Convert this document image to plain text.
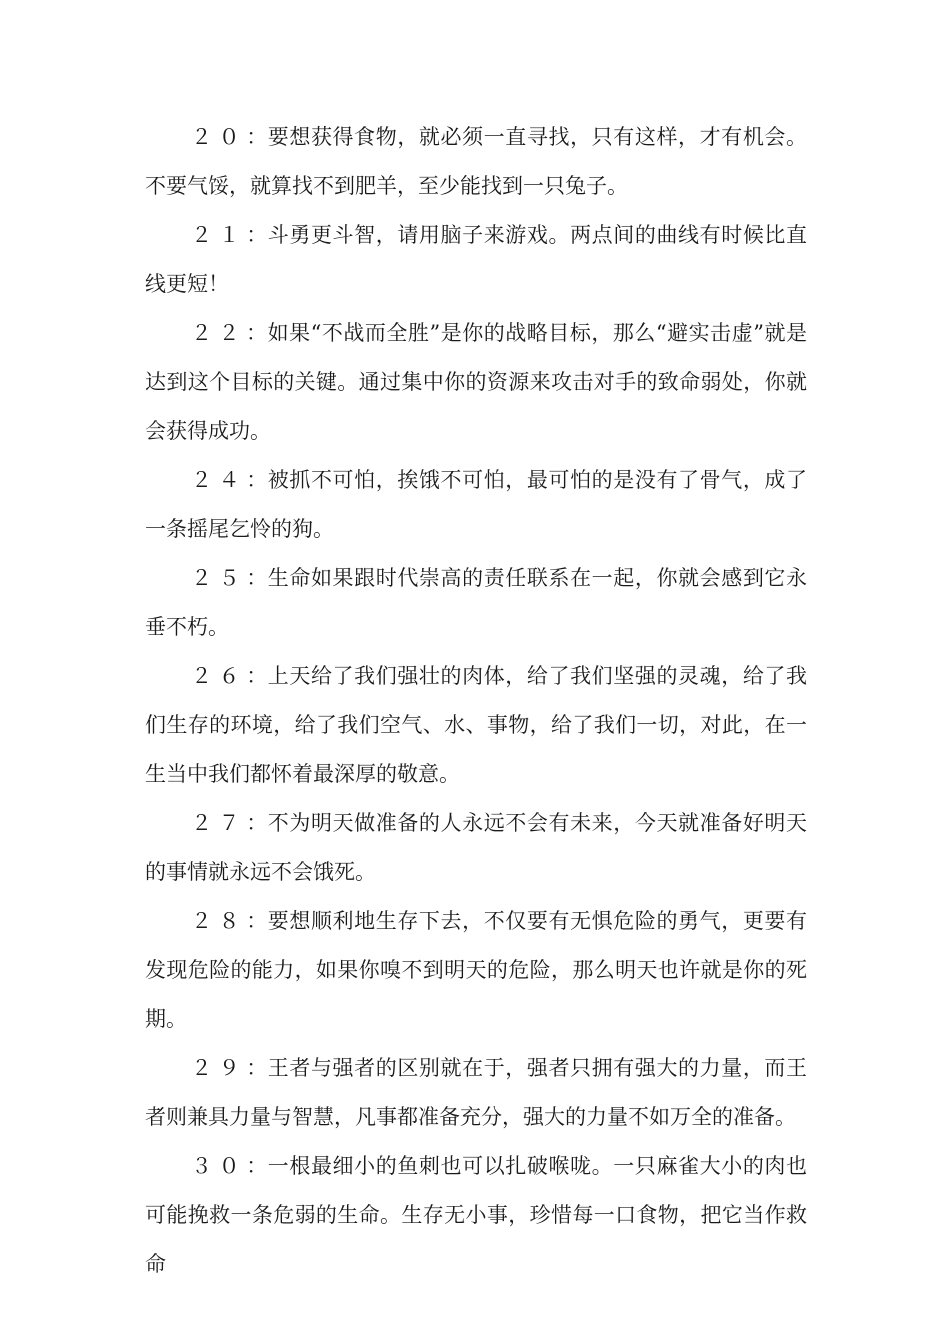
２０：要想获得食物，就必须一直寻找，只有这样，才有机会。不要气馁，就算找不到肥羊，至少能找到一只兔子。

２１：斗勇更斗智，请用脑子来游戏。两点间的曲线有时候比直线更短！

２２：如果“不战而全胜”是你的战略目标，那么“避实击虚”就是达到这个目标的关键。通过集中你的资源来攻击对手的致命弱处，你就会获得成功。

２４：被抓不可怕，挨饿不可怕，最可怕的是没有了骨气，成了一条摇尾乞怜的狗。

２５：生命如果跟时代崇高的责任联系在一起，你就会感到它永垂不朽。

２６：上天给了我们强壮的肉体，给了我们坚强的灵魂，给了我们生存的环境，给了我们空气、水、事物，给了我们一切，对此，在一生当中我们都怀着最深厚的敬意。

２７：不为明天做准备的人永远不会有未来，今天就准备好明天的事情就永远不会饿死。

２８：要想顺利地生存下去，不仅要有无惧危险的勇气，更要有发现危险的能力，如果你嗅不到明天的危险，那么明天也许就是你的死期。

２９：王者与强者的区别就在于，强者只拥有强大的力量，而王者则兼具力量与智慧，凡事都准备充分，强大的力量不如万全的准备。

３０：一根最细小的鱼刺也可以扎破喉咙。一只麻雀大小的肉也可能挽救一条危弱的生命。生存无小事，珍惜每一口食物，把它当作救命
